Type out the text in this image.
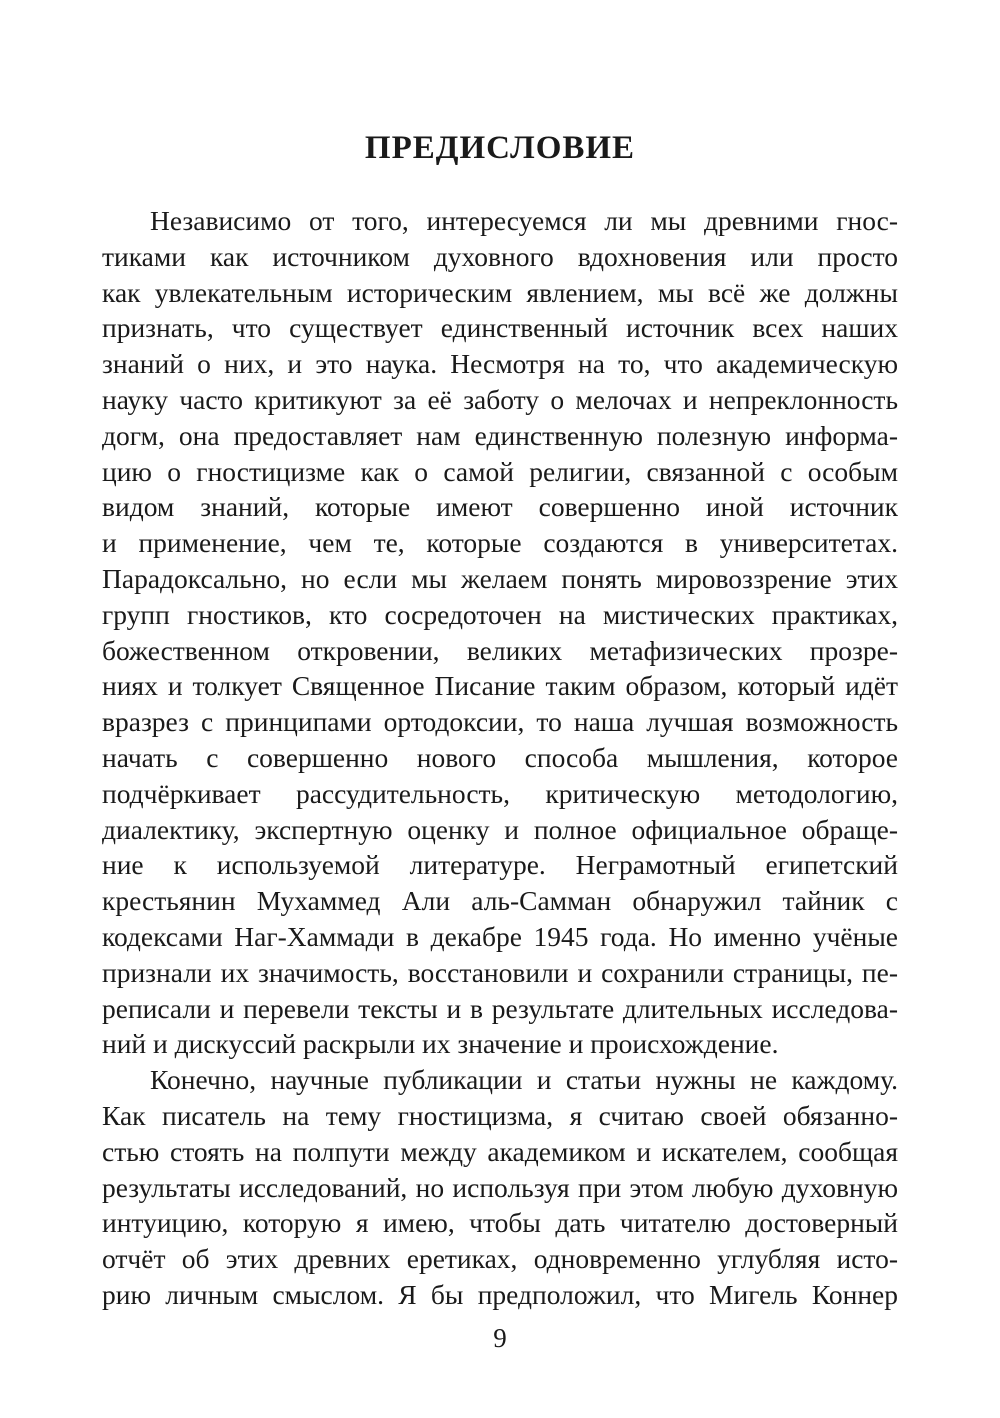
ПРЕДИСЛОВИЕ
Независимо от того, интересуемся ли мы древними гнос-
тиками как источником духовного вдохновения или просто
как увлекательным историческим явлением, мы всё же должны
признать, что существует единственный источник всех наших
знаний о них, и это наука. Несмотря на то, что академическую
науку часто критикуют за её заботу о мелочах и непреклонность
догм, она предоставляет нам единственную полезную информа-
цию о гностицизме как о самой религии, связанной с особым
видом знаний, которые имеют совершенно иной источник
и применение, чем те, которые создаются в университетах.
Парадоксально, но если мы желаем понять мировоззрение этих
групп гностиков, кто сосредоточен на мистических практиках,
божественном откровении, великих метафизических прозре-
ниях и толкует Священное Писание таким образом, который идёт
вразрез с принципами ортодоксии, то наша лучшая возможность
начать с совершенно нового способа мышления, которое
подчёркивает рассудительность, критическую методологию,
диалектику, экспертную оценку и полное официальное обраще-
ние к используемой литературе. Неграмотный египетский
крестьянин Мухаммед Али аль-Самман обнаружил тайник с
кодексами Наг-Хаммади в декабре 1945 года. Но именно учёные
признали их значимость, восстановили и сохранили страницы, пе-
реписали и перевели тексты и в результате длительных исследова-
ний и дискуссий раскрыли их значение и происхождение.
Конечно, научные публикации и статьи нужны не каждому.
Как писатель на тему гностицизма, я считаю своей обязанно-
стью стоять на полпути между академиком и искателем, сообщая
результаты исследований, но используя при этом любую духовную
интуицию, которую я имею, чтобы дать читателю достоверный
отчёт об этих древних еретиках, одновременно углубляя исто-
рию личным смыслом. Я бы предположил, что Мигель Коннер
9
